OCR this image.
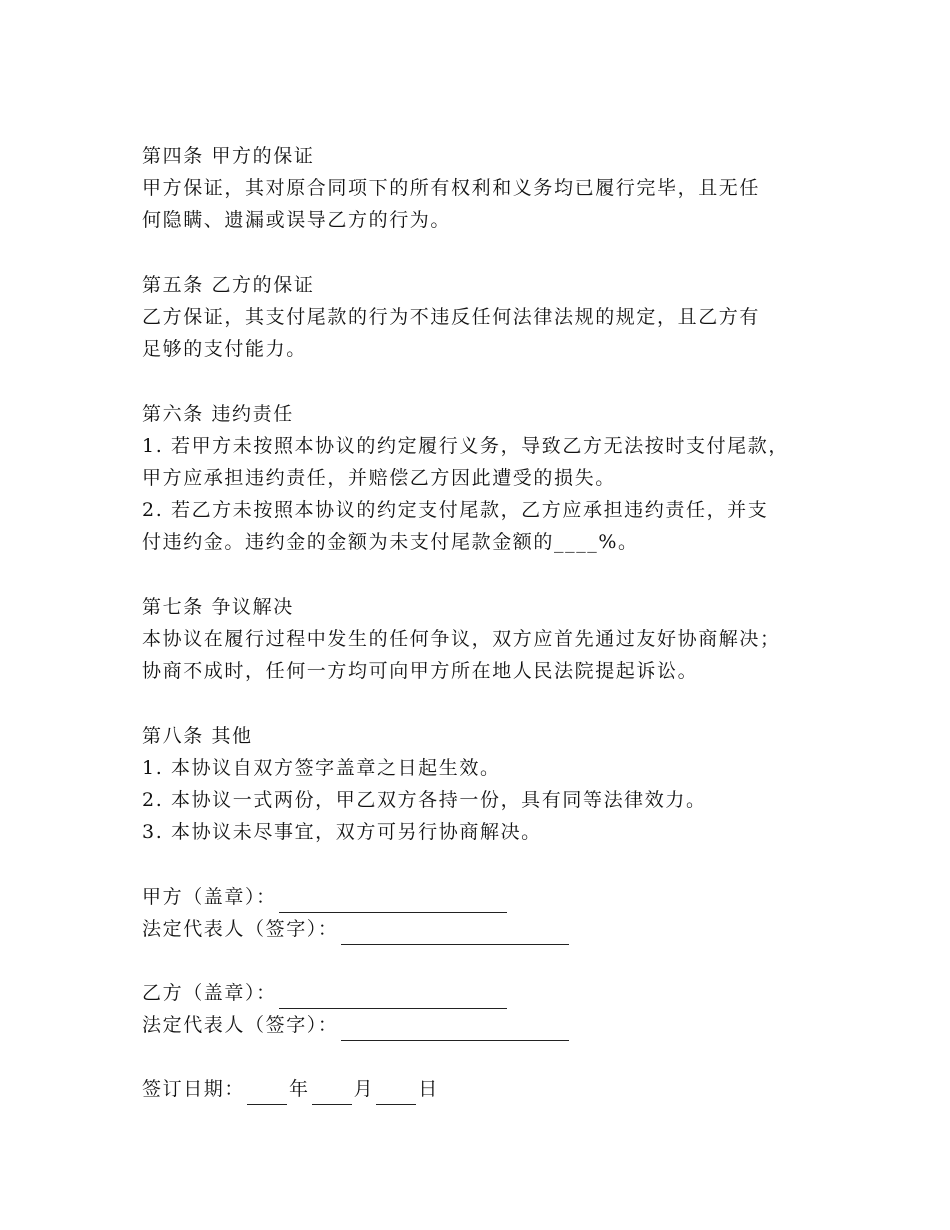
第四条 甲方的保证
甲方保证，其对原合同项下的所有权利和义务均已履行完毕，且无任
何隐瞒、遗漏或误导乙方的行为。
第五条 乙方的保证
乙方保证，其支付尾款的行为不违反任何法律法规的规定，且乙方有
足够的支付能力。
第六条 违约责任
1. 若甲方未按照本协议的约定履行义务，导致乙方无法按时支付尾款，
甲方应承担违约责任，并赔偿乙方因此遭受的损失。
2. 若乙方未按照本协议的约定支付尾款，乙方应承担违约责任，并支
付违约金。违约金的金额为未支付尾款金额的____%。
第七条 争议解决
本协议在履行过程中发生的任何争议，双方应首先通过友好协商解决；
协商不成时，任何一方均可向甲方所在地人民法院提起诉讼。
第八条 其他
1. 本协议自双方签字盖章之日起生效。
2. 本协议一式两份，甲乙双方各持一份，具有同等法律效力。
3. 本协议未尽事宜，双方可另行协商解决。
甲方（盖章）：
法定代表人（签字）：
乙方（盖章）：
法定代表人（签字）：
签订日期： 年 月 日
